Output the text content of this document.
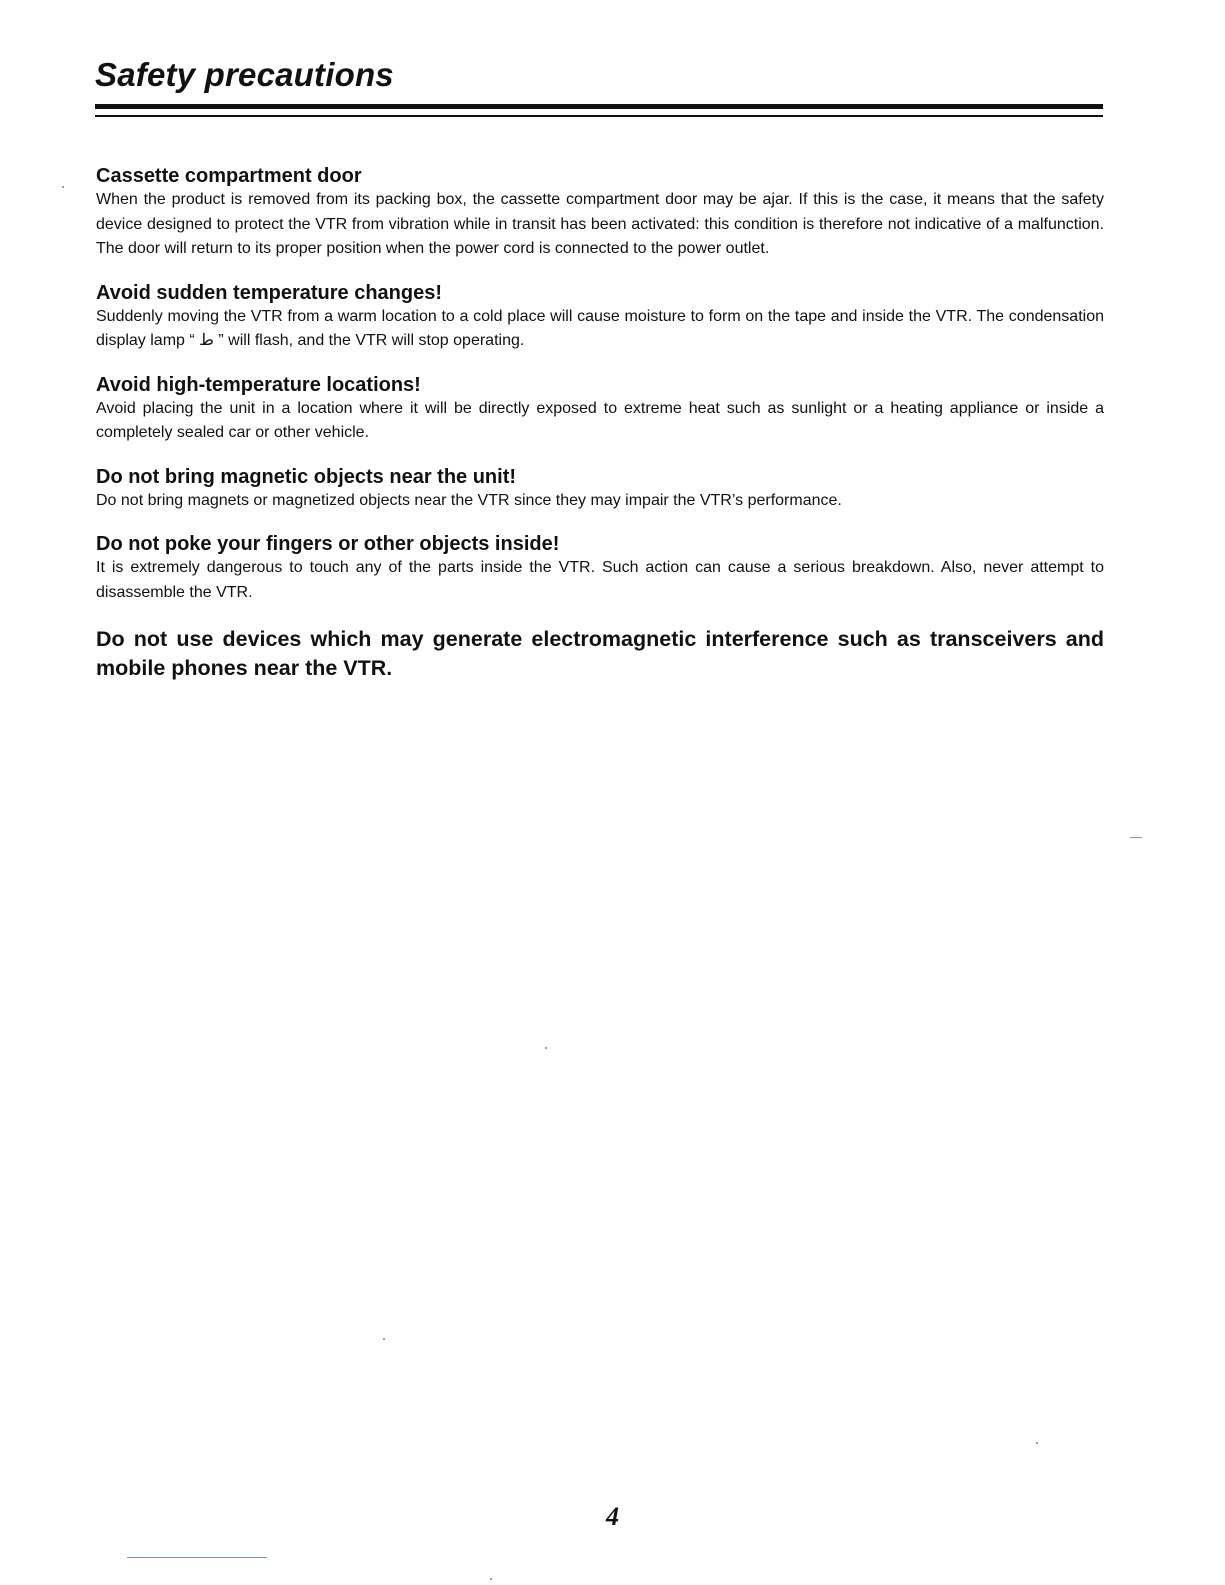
Safety precautions
Cassette compartment door

When the product is removed from its packing box, the cassette compartment door may be ajar. If this is the case, it means that the safety device designed to protect the VTR from vibration while in transit has been activated: this condition is therefore not indicative of a malfunction. The door will return to its proper position when the power cord is connected to the power outlet.

Avoid sudden temperature changes!

Suddenly moving the VTR from a warm location to a cold place will cause moisture to form on the tape and inside the VTR. The condensation display lamp “ ط ” will flash, and the VTR will stop operating.

Avoid high-temperature locations!

Avoid placing the unit in a location where it will be directly exposed to extreme heat such as sunlight or a heating appliance or inside a completely sealed car or other vehicle.

Do not bring magnetic objects near the unit!

Do not bring magnets or magnetized objects near the VTR since they may impair the VTR’s performance.

Do not poke your fingers or other objects inside!

It is extremely dangerous to touch any of the parts inside the VTR. Such action can cause a serious breakdown. Also, never attempt to disassemble the VTR.

Do not use devices which may generate electromagnetic interference such as transceivers and mobile phones near the VTR.

4
